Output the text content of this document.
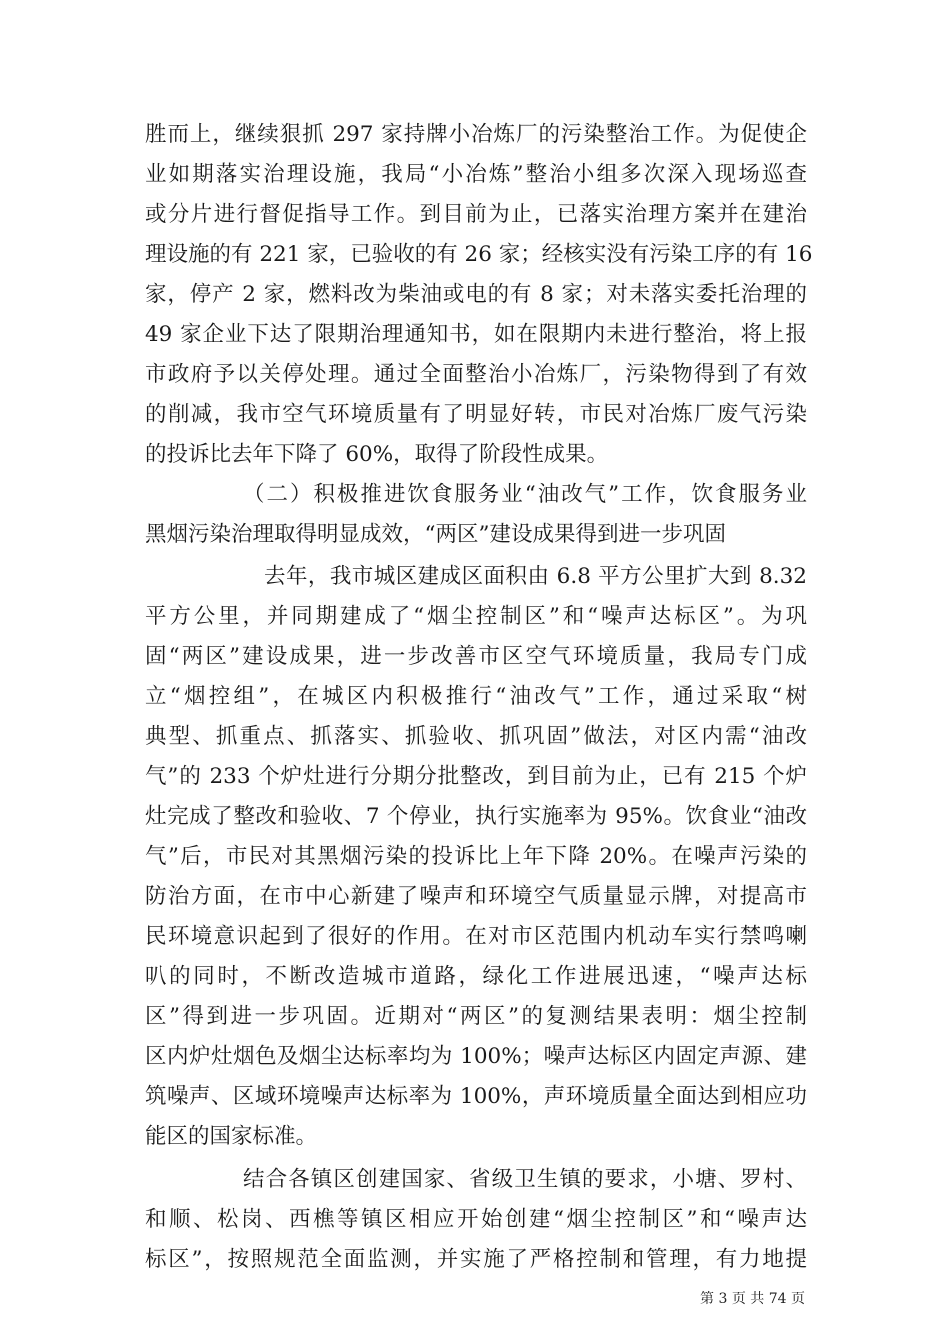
胜而上，继续狠抓 297 家持牌小冶炼厂的污染整治工作。为促使企
业如期落实治理设施，我局“小冶炼”整治小组多次深入现场巡查
或分片进行督促指导工作。到目前为止，已落实治理方案并在建治
理设施的有 221 家，已验收的有 26 家；经核实没有污染工序的有 16
家，停产 2 家，燃料改为柴油或电的有 8 家；对未落实委托治理的
49 家企业下达了限期治理通知书，如在限期内未进行整治，将上报
市政府予以关停处理。通过全面整治小冶炼厂，污染物得到了有效
的削减，我市空气环境质量有了明显好转，市民对冶炼厂废气污染
的投诉比去年下降了 60%，取得了阶段性成果。
（二）积极推进饮食服务业“油改气”工作，饮食服务业
黑烟污染治理取得明显成效，“两区”建设成果得到进一步巩固
去年，我市城区建成区面积由 6.8 平方公里扩大到 8.32
平方公里，并同期建成了“烟尘控制区”和“噪声达标区”。为巩
固“两区”建设成果，进一步改善市区空气环境质量，我局专门成
立“烟控组”，在城区内积极推行“油改气”工作，通过采取“树
典型、抓重点、抓落实、抓验收、抓巩固”做法，对区内需“油改
气”的 233 个炉灶进行分期分批整改，到目前为止，已有 215 个炉
灶完成了整改和验收、7 个停业，执行实施率为 95%。饮食业“油改
气”后，市民对其黑烟污染的投诉比上年下降 20%。在噪声污染的
防治方面，在市中心新建了噪声和环境空气质量显示牌，对提高市
民环境意识起到了很好的作用。在对市区范围内机动车实行禁鸣喇
叭的同时，不断改造城市道路，绿化工作进展迅速，“噪声达标
区”得到进一步巩固。近期对“两区”的复测结果表明：烟尘控制
区内炉灶烟色及烟尘达标率均为 100%；噪声达标区内固定声源、建
筑噪声、区域环境噪声达标率为 100%，声环境质量全面达到相应功
能区的国家标准。
结合各镇区创建国家、省级卫生镇的要求，小塘、罗村、
和顺、松岗、西樵等镇区相应开始创建“烟尘控制区”和“噪声达
标区”，按照规范全面监测，并实施了严格控制和管理，有力地提
第 3 页 共 74 页
